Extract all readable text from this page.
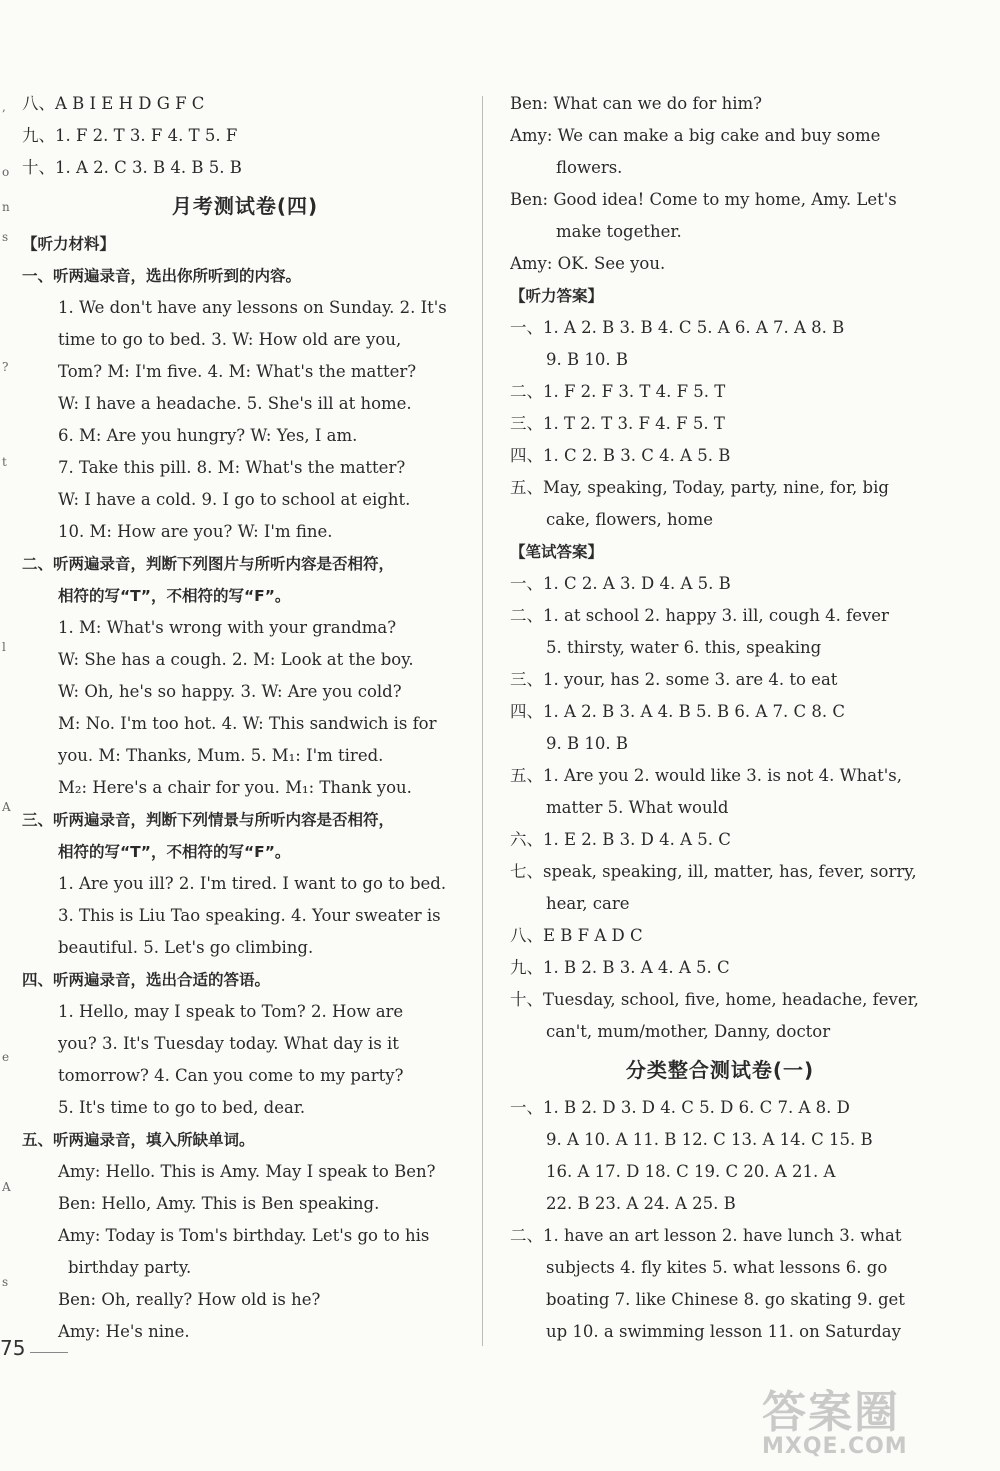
,
o
n
s
?
t
l
A
e
A
s
八、A B I E H D G F C
九、1. F 2. T 3. F 4. T 5. F
十、1. A 2. C 3. B 4. B 5. B
月考测试卷(四)
【听力材料】
一、听两遍录音，选出你所听到的内容。
1. We don't have any lessons on Sunday. 2. It's
time to go to bed. 3. W: How old are you,
Tom? M: I'm five. 4. M: What's the matter?
W: I have a headache. 5. She's ill at home.
6. M: Are you hungry? W: Yes, I am.
7. Take this pill. 8. M: What's the matter?
W: I have a cold. 9. I go to school at eight.
10. M: How are you? W: I'm fine.
二、听两遍录音，判断下列图片与所听内容是否相符，
相符的写“T”，不相符的写“F”。
1. M: What's wrong with your grandma?
W: She has a cough. 2. M: Look at the boy.
W: Oh, he's so happy. 3. W: Are you cold?
M: No. I'm too hot. 4. W: This sandwich is for
you. M: Thanks, Mum. 5. M₁: I'm tired.
M₂: Here's a chair for you. M₁: Thank you.
三、听两遍录音，判断下列情景与所听内容是否相符，
相符的写“T”，不相符的写“F”。
1. Are you ill? 2. I'm tired. I want to go to bed.
3. This is Liu Tao speaking. 4. Your sweater is
beautiful. 5. Let's go climbing.
四、听两遍录音，选出合适的答语。
1. Hello, may I speak to Tom? 2. How are
you? 3. It's Tuesday today. What day is it
tomorrow? 4. Can you come to my party?
5. It's time to go to bed, dear.
五、听两遍录音，填入所缺单词。
Amy: Hello. This is Amy. May I speak to Ben?
Ben: Hello, Amy. This is Ben speaking.
Amy: Today is Tom's birthday. Let's go to his
birthday party.
Ben: Oh, really? How old is he?
Amy: He's nine.
Ben: What can we do for him?
Amy: We can make a big cake and buy some
flowers.
Ben: Good idea! Come to my home, Amy. Let's
make together.
Amy: OK. See you.
【听力答案】
一、1. A 2. B 3. B 4. C 5. A 6. A 7. A 8. B
9. B 10. B
二、1. F 2. F 3. T 4. F 5. T
三、1. T 2. T 3. F 4. F 5. T
四、1. C 2. B 3. C 4. A 5. B
五、May, speaking, Today, party, nine, for, big
cake, flowers, home
【笔试答案】
一、1. C 2. A 3. D 4. A 5. B
二、1. at school 2. happy 3. ill, cough 4. fever
5. thirsty, water 6. this, speaking
三、1. your, has 2. some 3. are 4. to eat
四、1. A 2. B 3. A 4. B 5. B 6. A 7. C 8. C
9. B 10. B
五、1. Are you 2. would like 3. is not 4. What's,
matter 5. What would
六、1. E 2. B 3. D 4. A 5. C
七、speak, speaking, ill, matter, has, fever, sorry,
hear, care
八、E B F A D C
九、1. B 2. B 3. A 4. A 5. C
十、Tuesday, school, five, home, headache, fever,
can't, mum/mother, Danny, doctor
分类整合测试卷(一)
一、1. B 2. D 3. D 4. C 5. D 6. C 7. A 8. D
9. A 10. A 11. B 12. C 13. A 14. C 15. B
16. A 17. D 18. C 19. C 20. A 21. A
22. B 23. A 24. A 25. B
二、1. have an art lesson 2. have lunch 3. what
subjects 4. fly kites 5. what lessons 6. go
boating 7. like Chinese 8. go skating 9. get
up 10. a swimming lesson 11. on Saturday
75
答案圈
MXQE.COM
